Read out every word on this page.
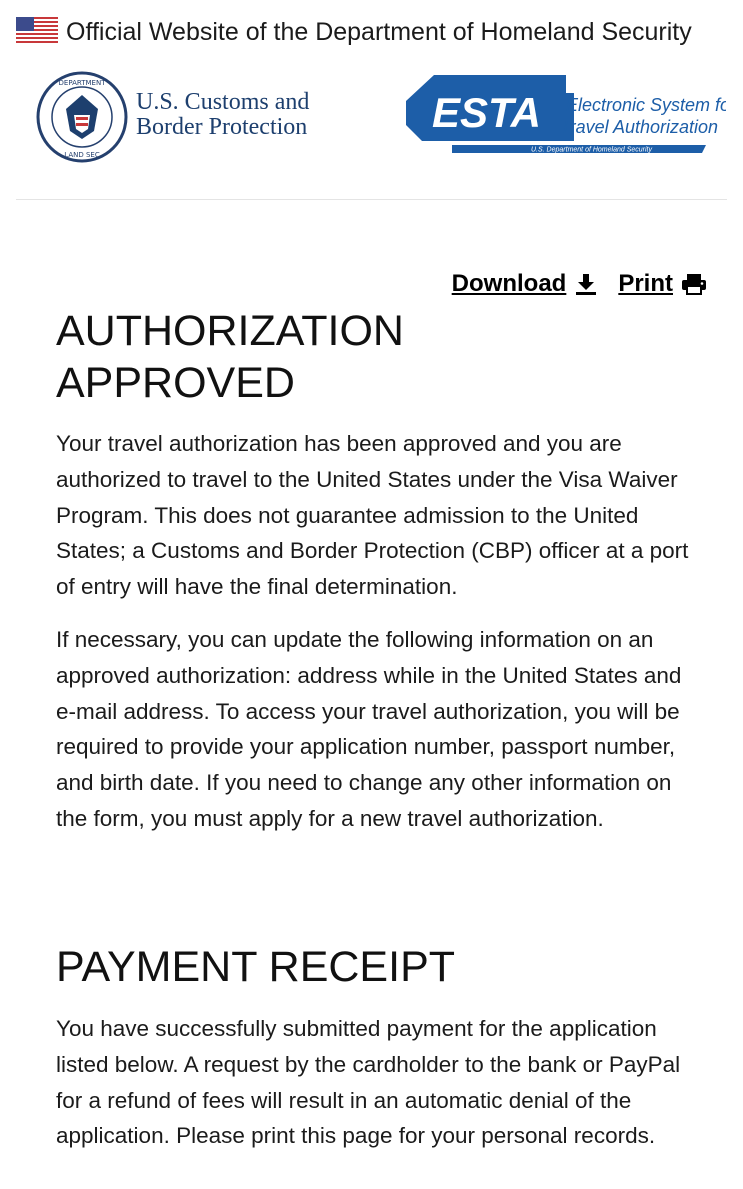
Official Website of the Department of Homeland Security
DEPARTMENT
LAND SEC
U.S. Customs and
Border Protection	ESTA Electronic System for
Travel Authorization
U.S. Department of Homeland Security
Download Print
AUTHORIZATION
APPROVED

Your travel authorization has been approved and you are authorized to travel to the United States under the Visa Waiver Program. This does not guarantee admission to the United States; a Customs and Border Protection (CBP) officer at a port of entry will have the final determination.

If necessary, you can update the following information on an approved authorization: address while in the United States and e-mail address. To access your travel authorization, you will be required to provide your application number, passport number, and birth date. If you need to change any other information on the form, you must apply for a new travel authorization.

PAYMENT RECEIPT

You have successfully submitted payment for the application listed below. A request by the cardholder to the bank or PayPal for a refund of fees will result in an automatic denial of the application. Please print this page for your personal records.
